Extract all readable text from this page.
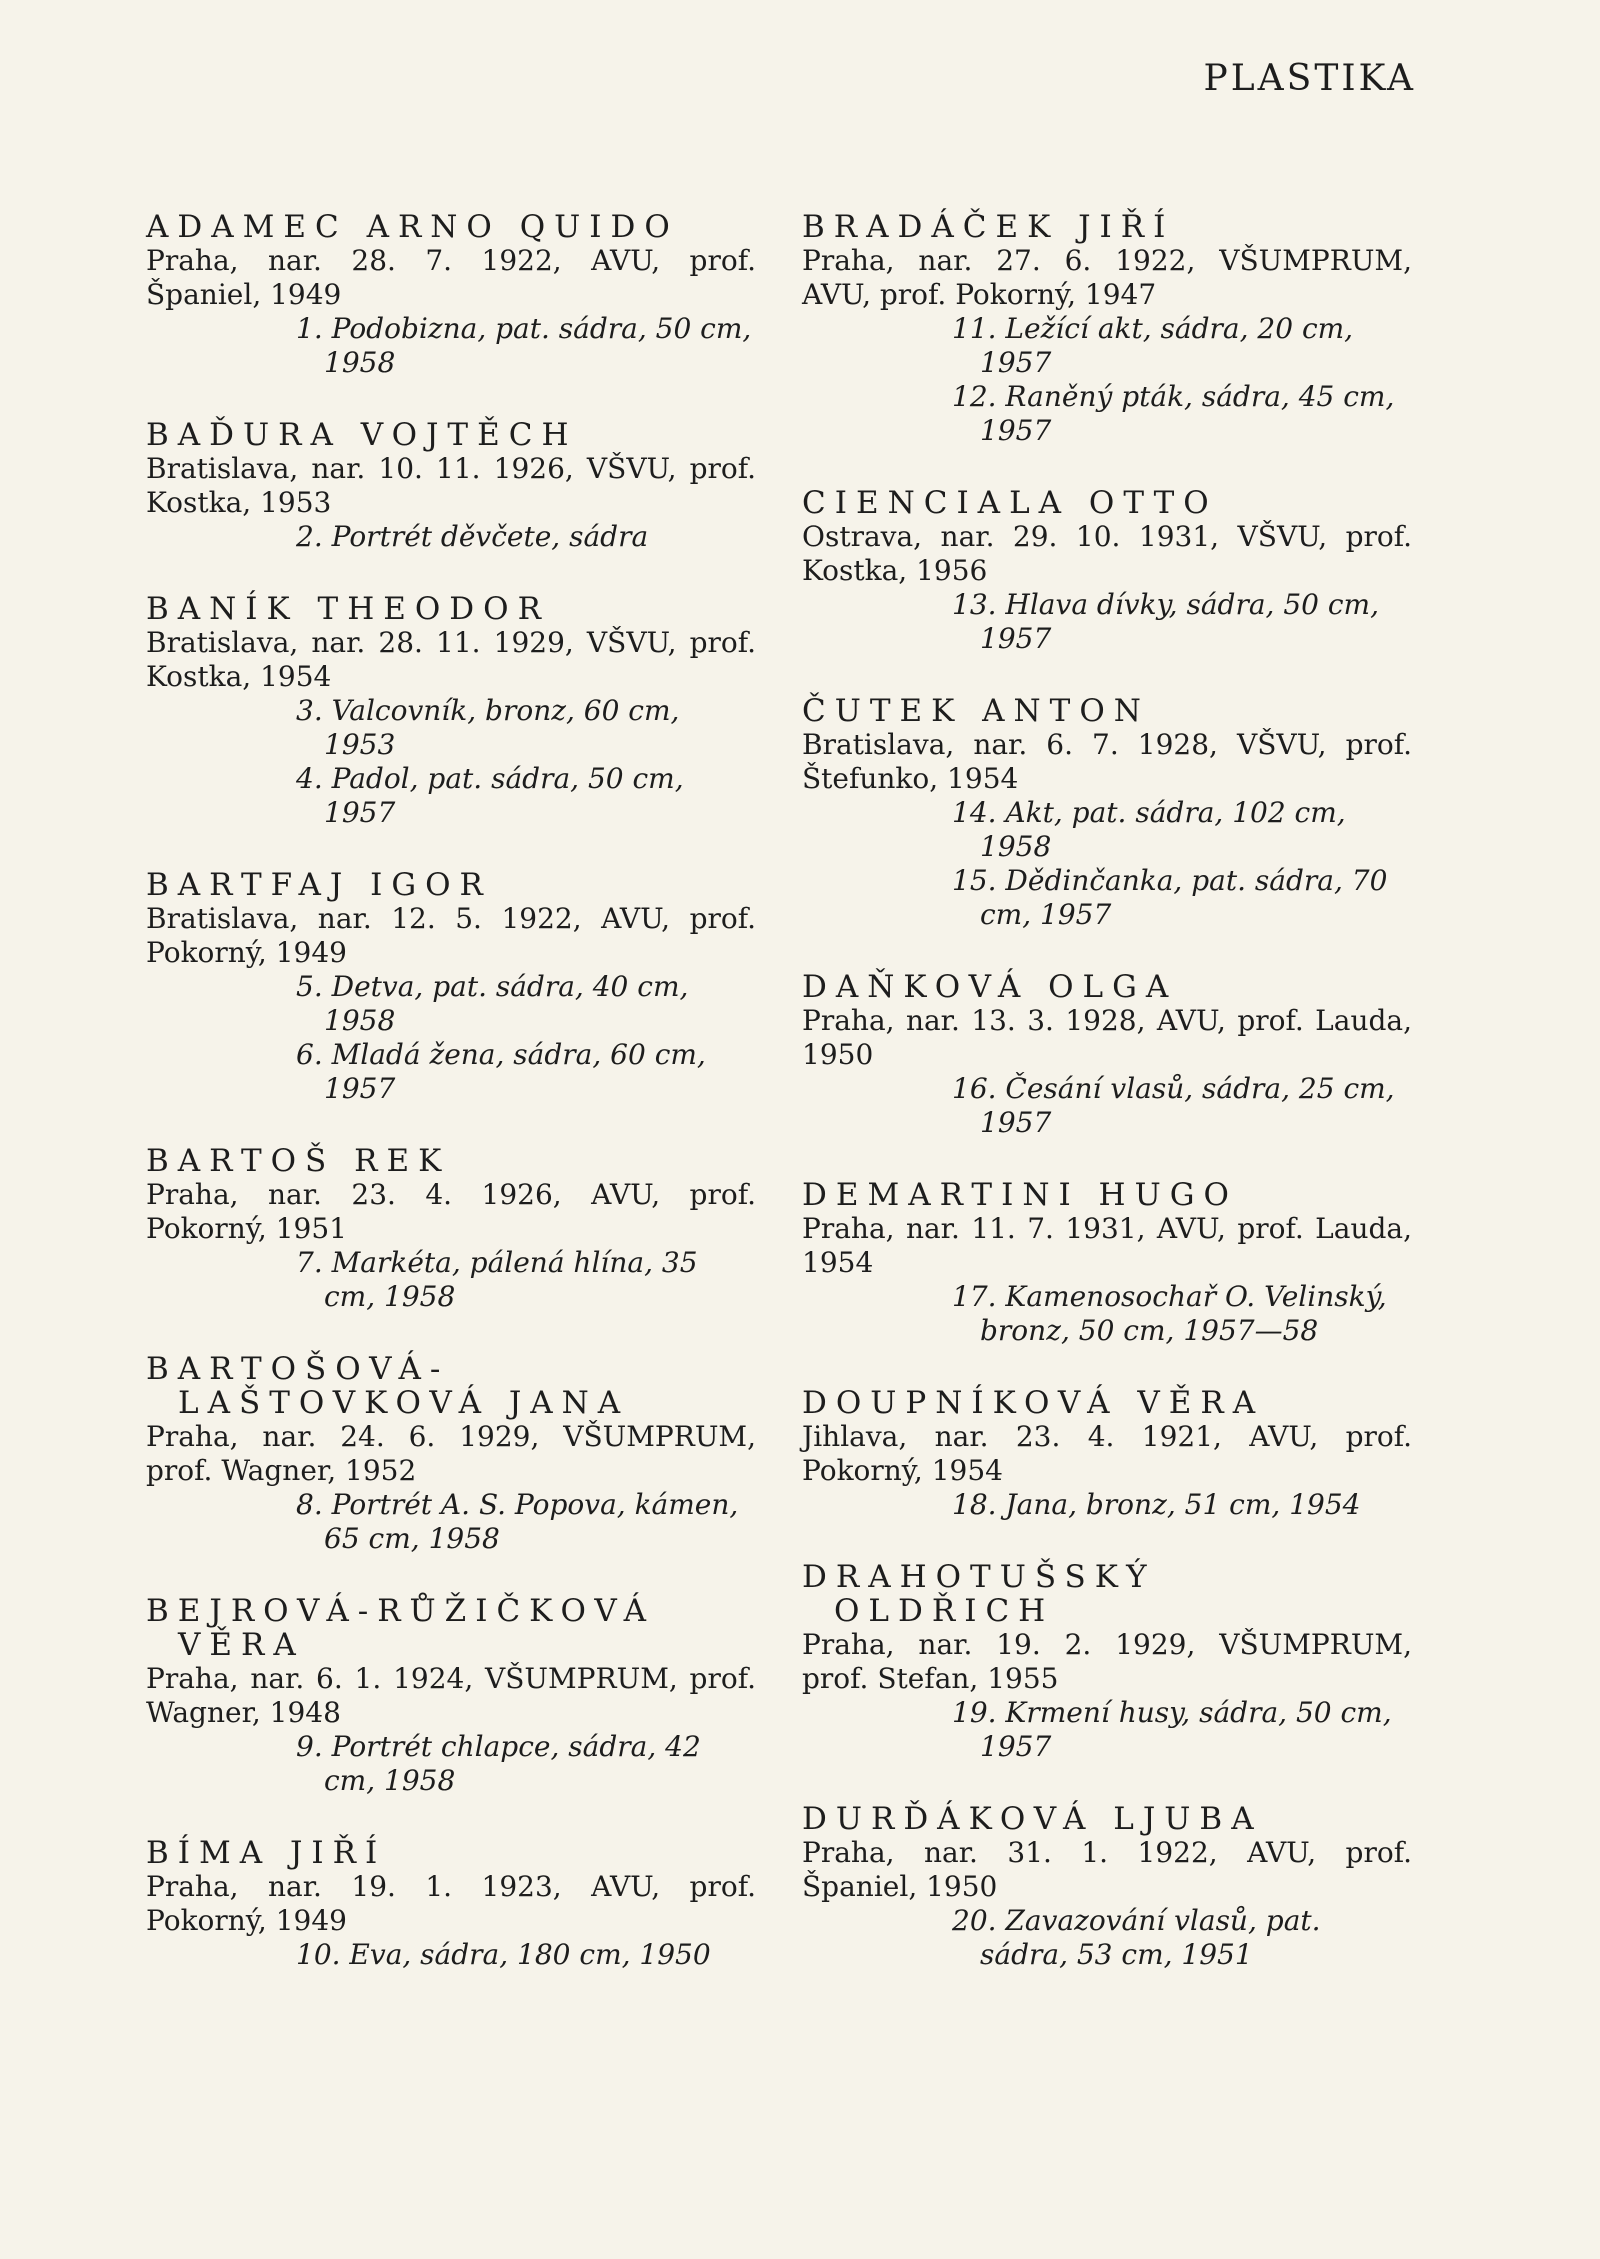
PLASTIKA
ADAMEC ARNO QUIDO
Praha, nar. 28. 7. 1922, AVU, prof. Španiel, 1949
1. Podobizna, pat. sádra, 50 cm, 1958
BAĎURA VOJTĚCH
Bratislava, nar. 10. 11. 1926, VŠVU, prof. Kostka, 1953
2. Portrét děvčete, sádra
BANÍK THEODOR
Bratislava, nar. 28. 11. 1929, VŠVU, prof. Kostka, 1954
3. Valcovník, bronz, 60 cm, 1953
4. Padol, pat. sádra, 50 cm, 1957
BARTFAJ IGOR
Bratislava, nar. 12. 5. 1922, AVU, prof. Pokorný, 1949
5. Detva, pat. sádra, 40 cm, 1958
6. Mladá žena, sádra, 60 cm, 1957
BARTOŠ REK
Praha, nar. 23. 4. 1926, AVU, prof. Pokorný, 1951
7. Markéta, pálená hlína, 35 cm, 1958
BARTOŠOVÁ-
LAŠTOVKOVÁ JANA
Praha, nar. 24. 6. 1929, VŠUMPRUM, prof. Wagner, 1952
8. Portrét A. S. Popova, kámen, 65 cm, 1958
BEJROVÁ-RŮŽIČKOVÁ
VĚRA
Praha, nar. 6. 1. 1924, VŠUMPRUM, prof. Wagner, 1948
9. Portrét chlapce, sádra, 42 cm, 1958
BÍMA JIŘÍ
Praha, nar. 19. 1. 1923, AVU, prof. Pokorný, 1949
10. Eva, sádra, 180 cm, 1950
BRADÁČEK JIŘÍ
Praha, nar. 27. 6. 1922, VŠUMPRUM, AVU, prof. Pokorný, 1947
11. Ležící akt, sádra, 20 cm, 1957
12. Raněný pták, sádra, 45 cm, 1957
CIENCIALA OTTO
Ostrava, nar. 29. 10. 1931, VŠVU, prof. Kostka, 1956
13. Hlava dívky, sádra, 50 cm, 1957
ČUTEK ANTON
Bratislava, nar. 6. 7. 1928, VŠVU, prof. Štefunko, 1954
14. Akt, pat. sádra, 102 cm, 1958
15. Dědinčanka, pat. sádra, 70 cm, 1957
DAŇKOVÁ OLGA
Praha, nar. 13. 3. 1928, AVU, prof. Lauda, 1950
16. Česání vlasů, sádra, 25 cm, 1957
DEMARTINI HUGO
Praha, nar. 11. 7. 1931, AVU, prof. Lauda, 1954
17. Kamenosochař O. Velinský, bronz, 50 cm, 1957—58
DOUPNÍKOVÁ VĚRA
Jihlava, nar. 23. 4. 1921, AVU, prof. Pokorný, 1954
18. Jana, bronz, 51 cm, 1954
DRAHOTUŠSKÝ
OLDŘICH
Praha, nar. 19. 2. 1929, VŠUMPRUM, prof. Stefan, 1955
19. Krmení husy, sádra, 50 cm, 1957
DURĎÁKOVÁ LJUBA
Praha, nar. 31. 1. 1922, AVU, prof. Španiel, 1950
20. Zavazování vlasů, pat. sádra, 53 cm, 1951
